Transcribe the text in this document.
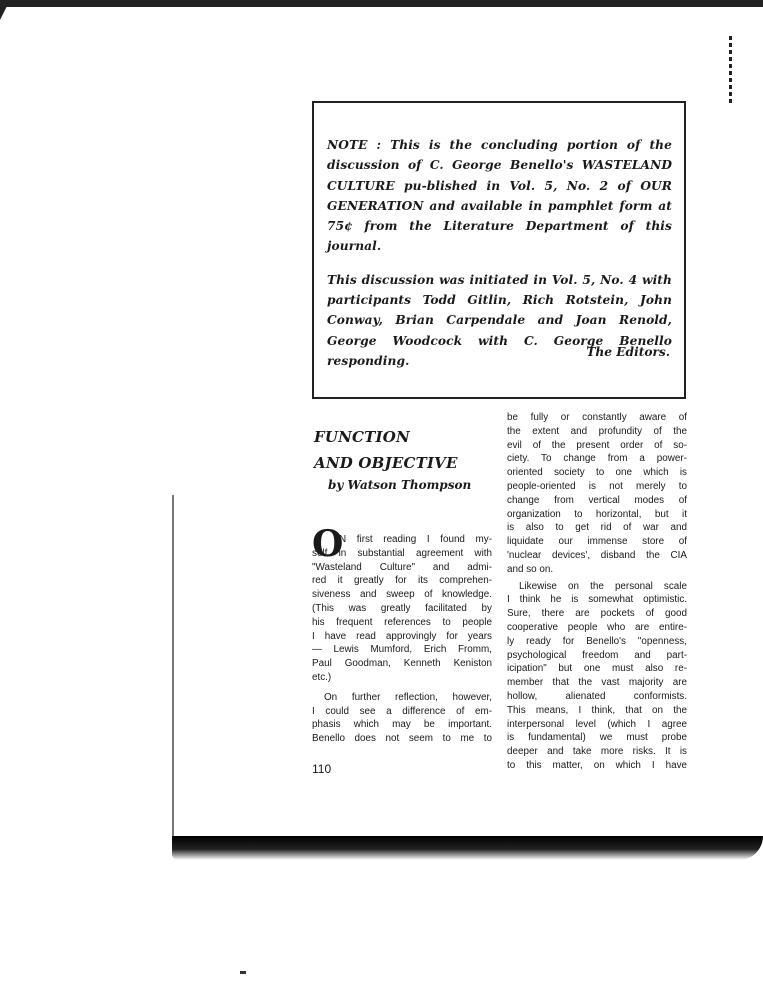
NOTE : This is the concluding portion of the discussion of C. George Benello's WASTELAND CULTURE pu-blished in Vol. 5, No. 2 of OUR GENERATION and available in pamphlet form at 75¢ from the Literature Department of this journal.

This discussion was initiated in Vol. 5, No. 4 with participants Todd Gitlin, Rich Rotstein, John Conway, Brian Carpendale and Joan Renold, George Woodcock with C. George Benello responding.

The Editors.
FUNCTION
AND OBJECTIVE
by Watson Thompson
O
N first reading I found my-
self in substantial agreement with
"Wasteland Culture" and admi-
red it greatly for its comprehen-
siveness and sweep of knowledge.
(This was greatly facilitated by
his frequent references to people
I have read approvingly for years
— Lewis Mumford, Erich Fromm,
Paul Goodman, Kenneth Keniston
etc.)
On further reflection, however,
I could see a difference of em-
phasis which may be important.
Benello does not seem to me to
be fully or constantly aware of
the extent and profundity of the
evil of the present order of so-
ciety. To change from a power-
oriented society to one which is
people-oriented is not merely to
change from vertical modes of
organization to horizontal, but it
is also to get rid of war and
liquidate our immense store of
'nuclear devices', disband the CIA
and so on.
Likewise on the personal scale
I think he is somewhat optimistic.
Sure, there are pockets of good
cooperative people who are entire-
ly ready for Benello's "openness,
psychological freedom and part-
icipation" but one must also re-
member that the vast majority are
hollow, alienated conformists.
This means, I think, that on the
interpersonal level (which I agree
is fundamental) we must probe
deeper and take more risks. It is
to this matter, on which I have
110
